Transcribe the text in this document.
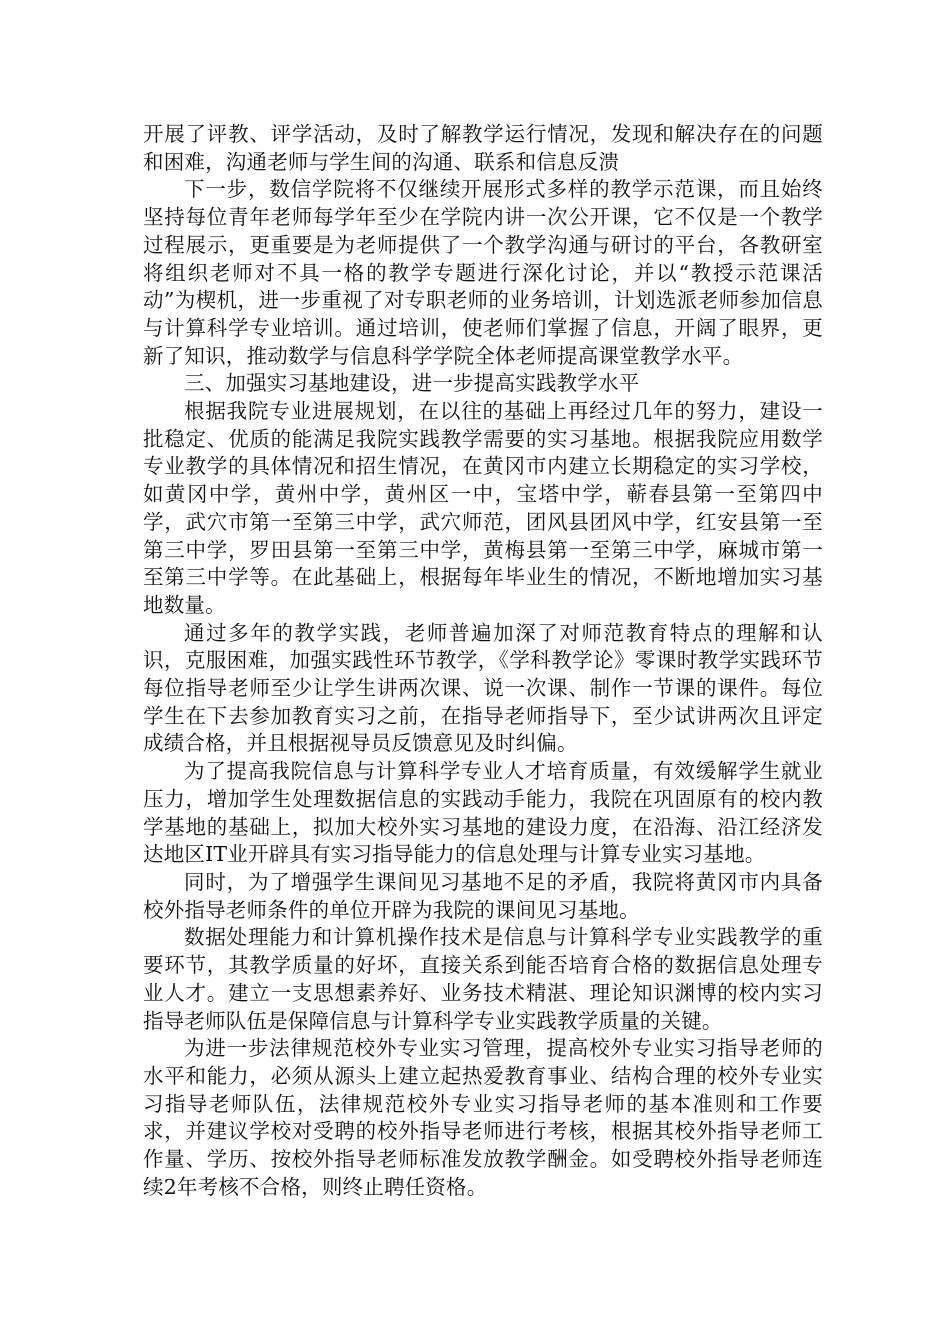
开展了评教、评学活动，及时了解教学运行情况，发现和解决存在的问题和困难，沟通老师与学生间的沟通、联系和信息反溃

下一步，数信学院将不仅继续开展形式多样的教学示范课，而且始终坚持每位青年老师每学年至少在学院内讲一次公开课，它不仅是一个教学过程展示，更重要是为老师提供了一个教学沟通与研讨的平台，各教研室将组织老师对不具一格的教学专题进行深化讨论，并以“教授示范课活动”为楔机，进一步重视了对专职老师的业务培训，计划选派老师参加信息与计算科学专业培训。通过培训，使老师们掌握了信息，开阔了眼界，更新了知识，推动数学与信息科学学院全体老师提高课堂教学水平。

三、加强实习基地建设，进一步提高实践教学水平

根据我院专业进展规划，在以往的基础上再经过几年的努力，建设一批稳定、优质的能满足我院实践教学需要的实习基地。根据我院应用数学专业教学的具体情况和招生情况，在黄冈市内建立长期稳定的实习学校，如黄冈中学，黄州中学，黄州区一中，宝塔中学，蕲春县第一至第四中学，武穴市第一至第三中学，武穴师范，团风县团风中学，红安县第一至第三中学，罗田县第一至第三中学，黄梅县第一至第三中学，麻城市第一至第三中学等。在此基础上，根据每年毕业生的情况，不断地增加实习基地数量。

通过多年的教学实践，老师普遍加深了对师范教育特点的理解和认识，克服困难，加强实践性环节教学，《学科教学论》零课时教学实践环节每位指导老师至少让学生讲两次课、说一次课、制作一节课的课件。每位学生在下去参加教育实习之前，在指导老师指导下，至少试讲两次且评定成绩合格，并且根据视导员反馈意见及时纠偏。

为了提高我院信息与计算科学专业人才培育质量，有效缓解学生就业压力，增加学生处理数据信息的实践动手能力，我院在巩固原有的校内教学基地的基础上，拟加大校外实习基地的建设力度，在沿海、沿江经济发达地区IT业开辟具有实习指导能力的信息处理与计算专业实习基地。

同时，为了增强学生课间见习基地不足的矛盾，我院将黄冈市内具备校外指导老师条件的单位开辟为我院的课间见习基地。

数据处理能力和计算机操作技术是信息与计算科学专业实践教学的重要环节，其教学质量的好坏，直接关系到能否培育合格的数据信息处理专业人才。建立一支思想素养好、业务技术精湛、理论知识渊博的校内实习指导老师队伍是保障信息与计算科学专业实践教学质量的关键。

为进一步法律规范校外专业实习管理，提高校外专业实习指导老师的水平和能力，必须从源头上建立起热爱教育事业、结构合理的校外专业实习指导老师队伍，法律规范校外专业实习指导老师的基本准则和工作要求，并建议学校对受聘的校外指导老师进行考核，根据其校外指导老师工作量、学历、按校外指导老师标准发放教学酬金。如受聘校外指导老师连续2年考核不合格，则终止聘任资格。
